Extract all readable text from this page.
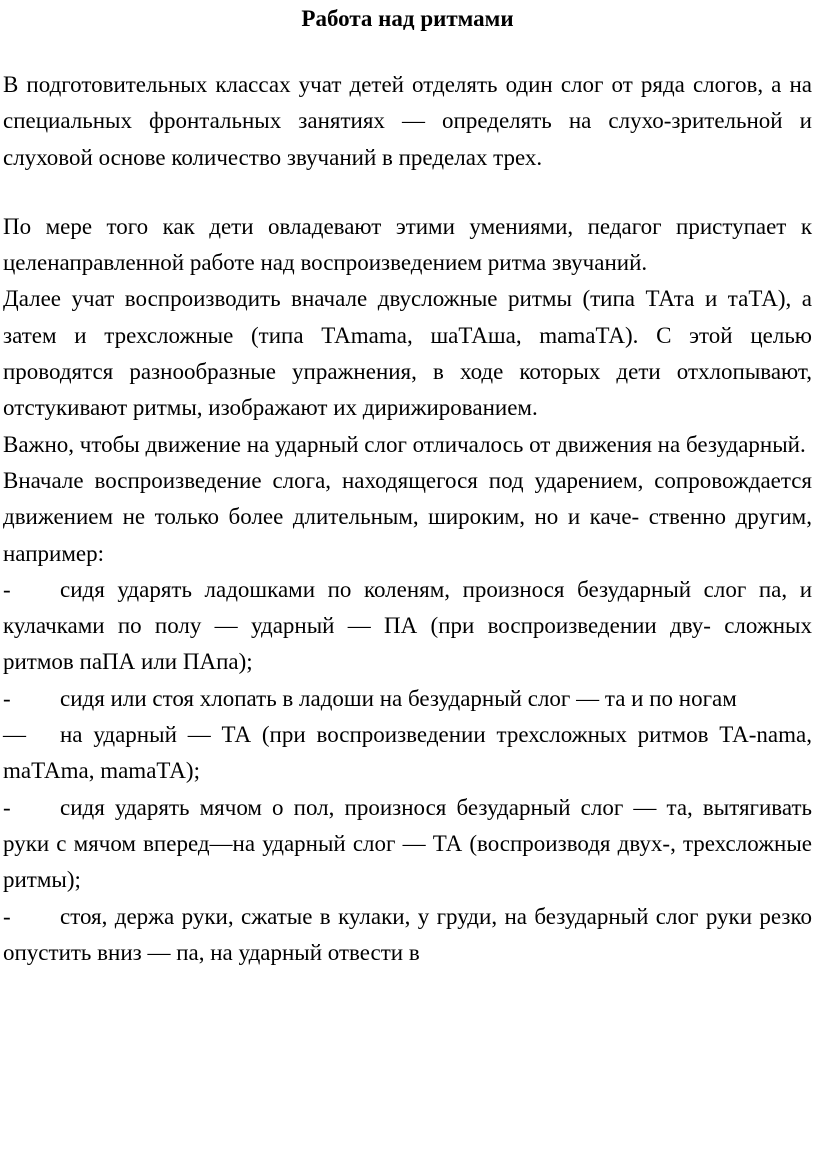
Работа над ритмами

В подготовительных классах учат детей отделять один слог от ряда слогов, а на специальных фронтальных занятиях — определять на слухо-зрительной и слуховой основе количество звучаний в пределах трех.

По мере того как дети овладевают этими умениями, педагог приступает к целенаправленной работе над воспроизведением ритма звучаний.

Далее учат воспроизводить вначале двусложные ритмы (типа ТАта и таТА), а затем и трехсложные (типа ТАmаmа, шаТАша, mаmаТА). С этой целью проводятся разнообразные упражнения, в ходе которых дети отхлопывают, отстукивают ритмы, изображают их дирижированием.

Важно, чтобы движение на ударный слог отличалось от движения на безударный.

Вначале воспроизведение слога, находящегося под ударением, сопровождается движением не только более длительным, широким, но и каче- ственно другим, например:

- сидя ударять ладошками по коленям, произнося безударный слог па, и кулачками по полу — ударный — ПА (при воспроизведении дву- сложных ритмов паПА или ПАпа);
- сидя или стоя хлопать в ладоши на безударный слог — та и по ногам
— на ударный — ТА (при воспроизведении трехсложных ритмов ТА-nаmа, mаТАmа, mаmаТА);
- сидя ударять мячом о пол, произнося безударный слог — та, вытягивать руки с мячом вперед—на ударный слог — ТА (воспроизводя двух-, трехсложные ритмы);
- стоя, держа руки, сжатые в кулаки, у груди, на безударный слог руки резко опустить вниз — па, на ударный отвести в
